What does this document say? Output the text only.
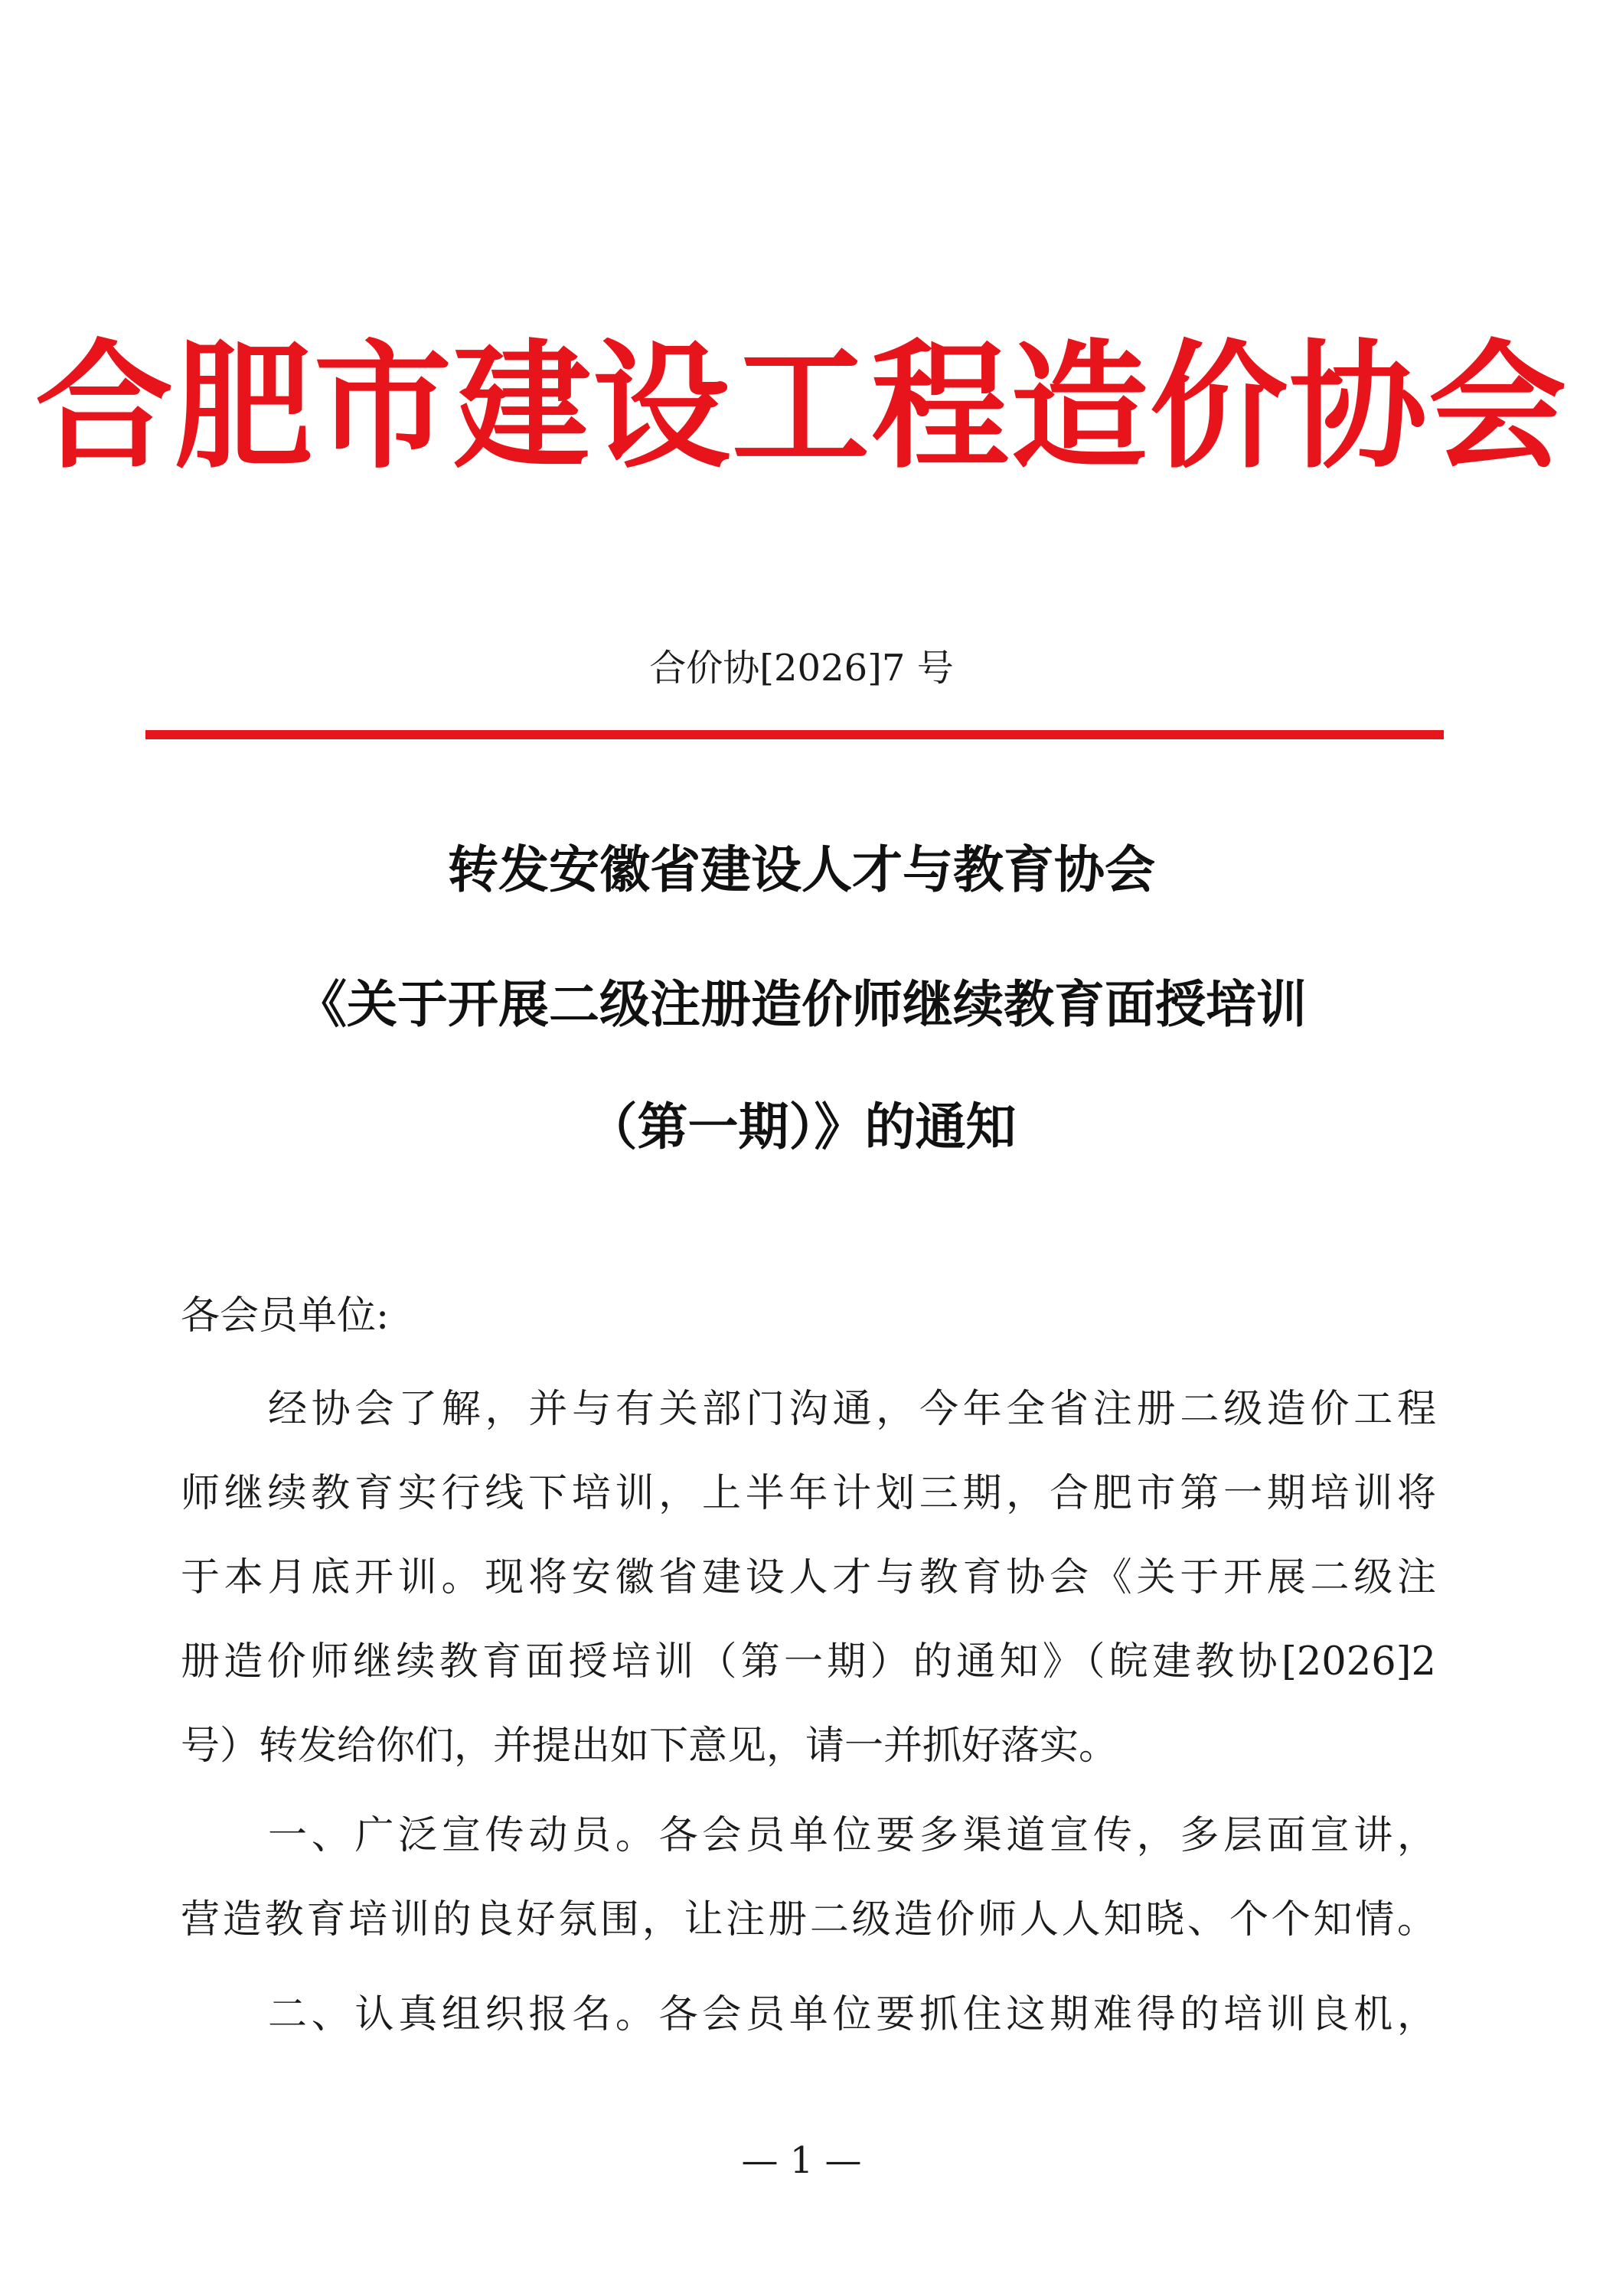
合肥市建设工程造价协会
合价协[2026]7 号
转发安徽省建设人才与教育协会
《关于开展二级注册造价师继续教育面授培训
（第一期）》的通知
各会员单位:
经协会了解，并与有关部门沟通，今年全省注册二级造价工程
师继续教育实行线下培训，上半年计划三期，合肥市第一期培训将
于本月底开训。现将安徽省建设人才与教育协会《关于开展二级注
册造价师继续教育面授培训（第一期）的通知》（皖建教协[2026]2
号）转发给你们，并提出如下意见，请一并抓好落实。
一、广泛宣传动员。各会员单位要多渠道宣传，多层面宣讲，
营造教育培训的良好氛围，让注册二级造价师人人知晓、个个知情。
二、认真组织报名。各会员单位要抓住这期难得的培训良机，
— 1 —
